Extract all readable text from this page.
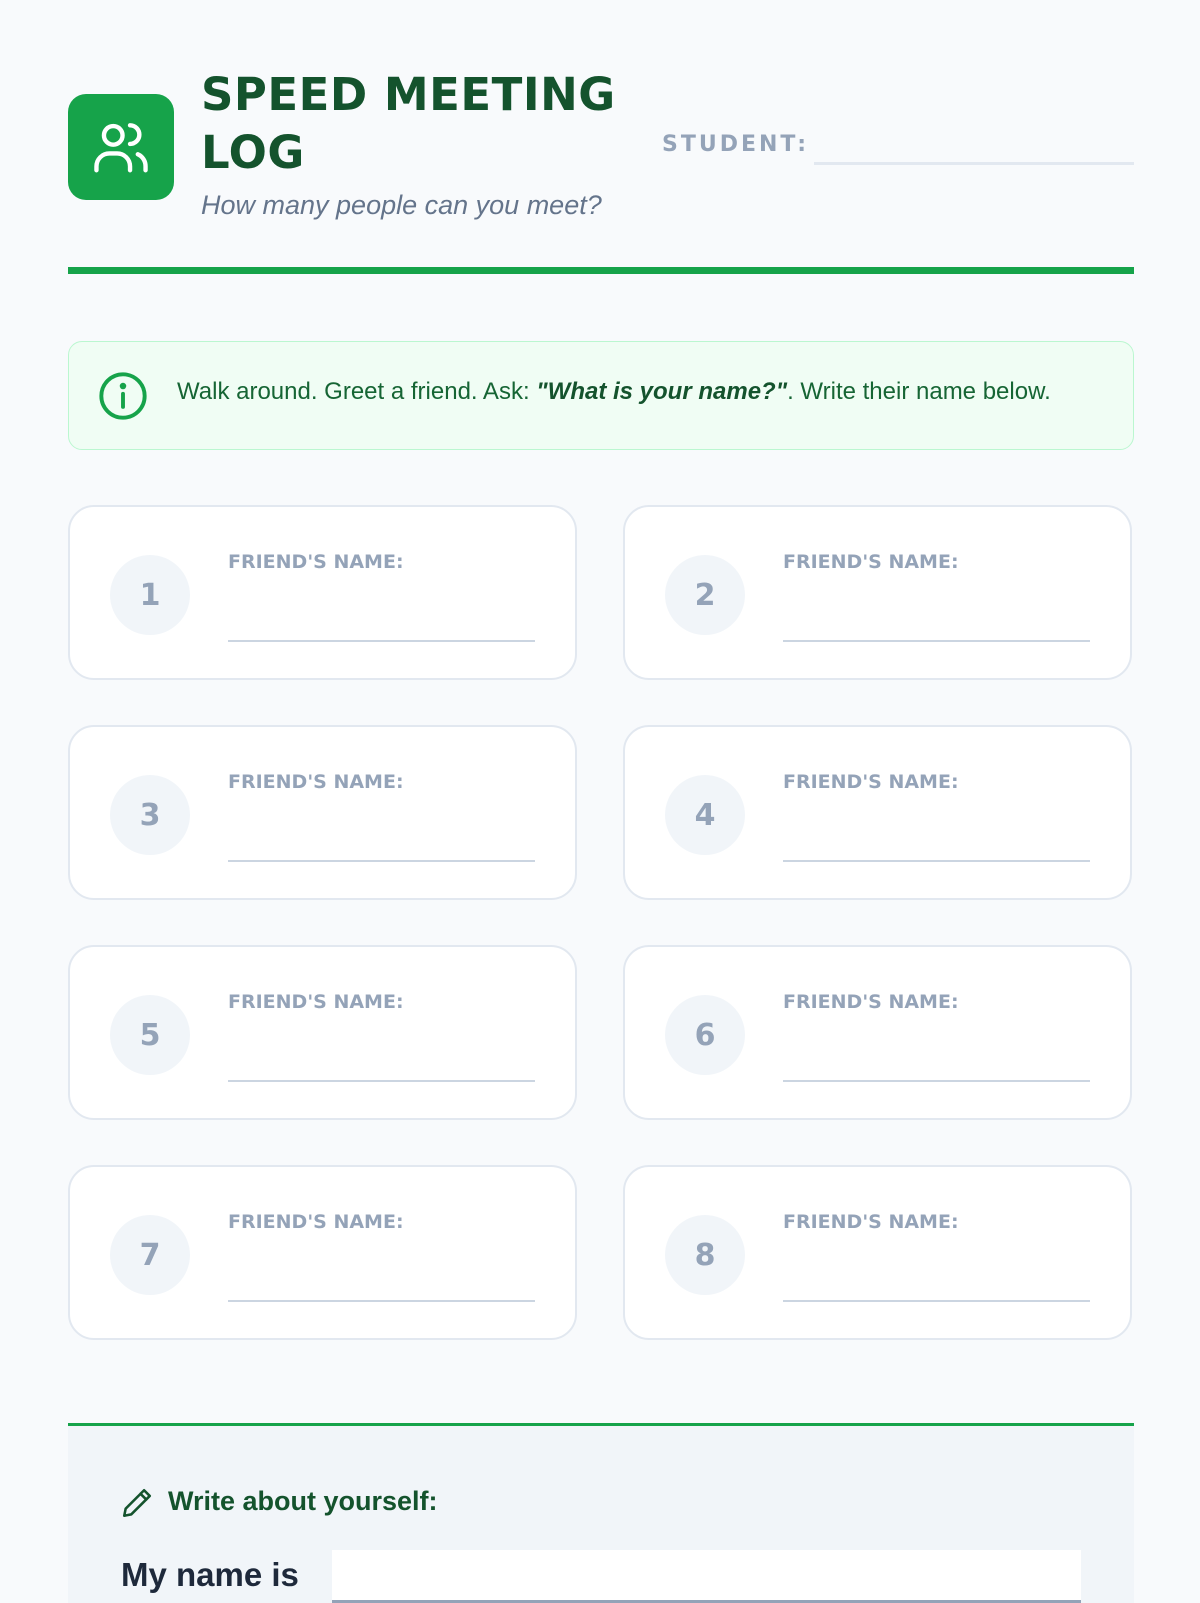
SPEED MEETING LOG
How many people can you meet?
STUDENT:
Walk around. Greet a friend. Ask: "What is your name?". Write their name below.
1
FRIEND'S NAME:
2
FRIEND'S NAME:
3
FRIEND'S NAME:
4
FRIEND'S NAME:
5
FRIEND'S NAME:
6
FRIEND'S NAME:
7
FRIEND'S NAME:
8
FRIEND'S NAME:
Write about yourself:
My name is
